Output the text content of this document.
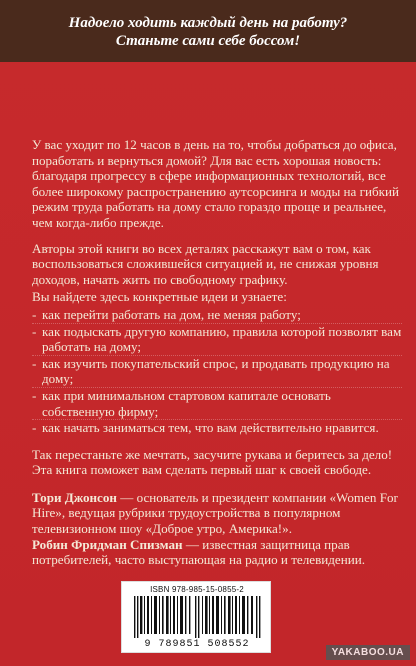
Надоело ходить каждый день на работу?
Станьте сами себе боссом!

У вас уходит по 12 часов в день на то, чтобы добраться до офиса, поработать и вернуться домой? Для вас есть хорошая новость: благодаря прогрессу в сфере информационных технологий, все более широкому распространению аутсорсинга и моды на гибкий режим труда работать на дому стало гораздо проще и реальнее, чем когда-либо прежде.

Авторы этой книги во всех деталях расскажут вам о том, как воспользоваться сложившейся ситуацией и, не снижая уровня доходов, начать жить по свободному графику.

Вы найдете здесь конкретные идеи и узнаете:

- как перейти работать на дом, не меняя работу;
- как подыскать другую компанию, правила которой позволят вам работать на дому;
- как изучить покупательский спрос, и продавать продукцию на дому;
- как при минимальном стартовом капитале основать собственную фирму;
- как начать заниматься тем, что вам действительно нравится.

Так перестаньте же мечтать, засучите рукава и беритесь за дело! Эта книга поможет вам сделать первый шаг к своей свободе.

Тори Джонсон — основатель и президент компании «Women For Hire», ведущая рубрики трудоустройства в популярном телевизионном шоу «Доброе утро, Америка!».

Робин Фридман Спизман — известная защитница прав потребителей, часто выступающая на радио и телевидении.

ISBN 978-985-15-0855-2
9 789851 508552
YAKABOO.UA
